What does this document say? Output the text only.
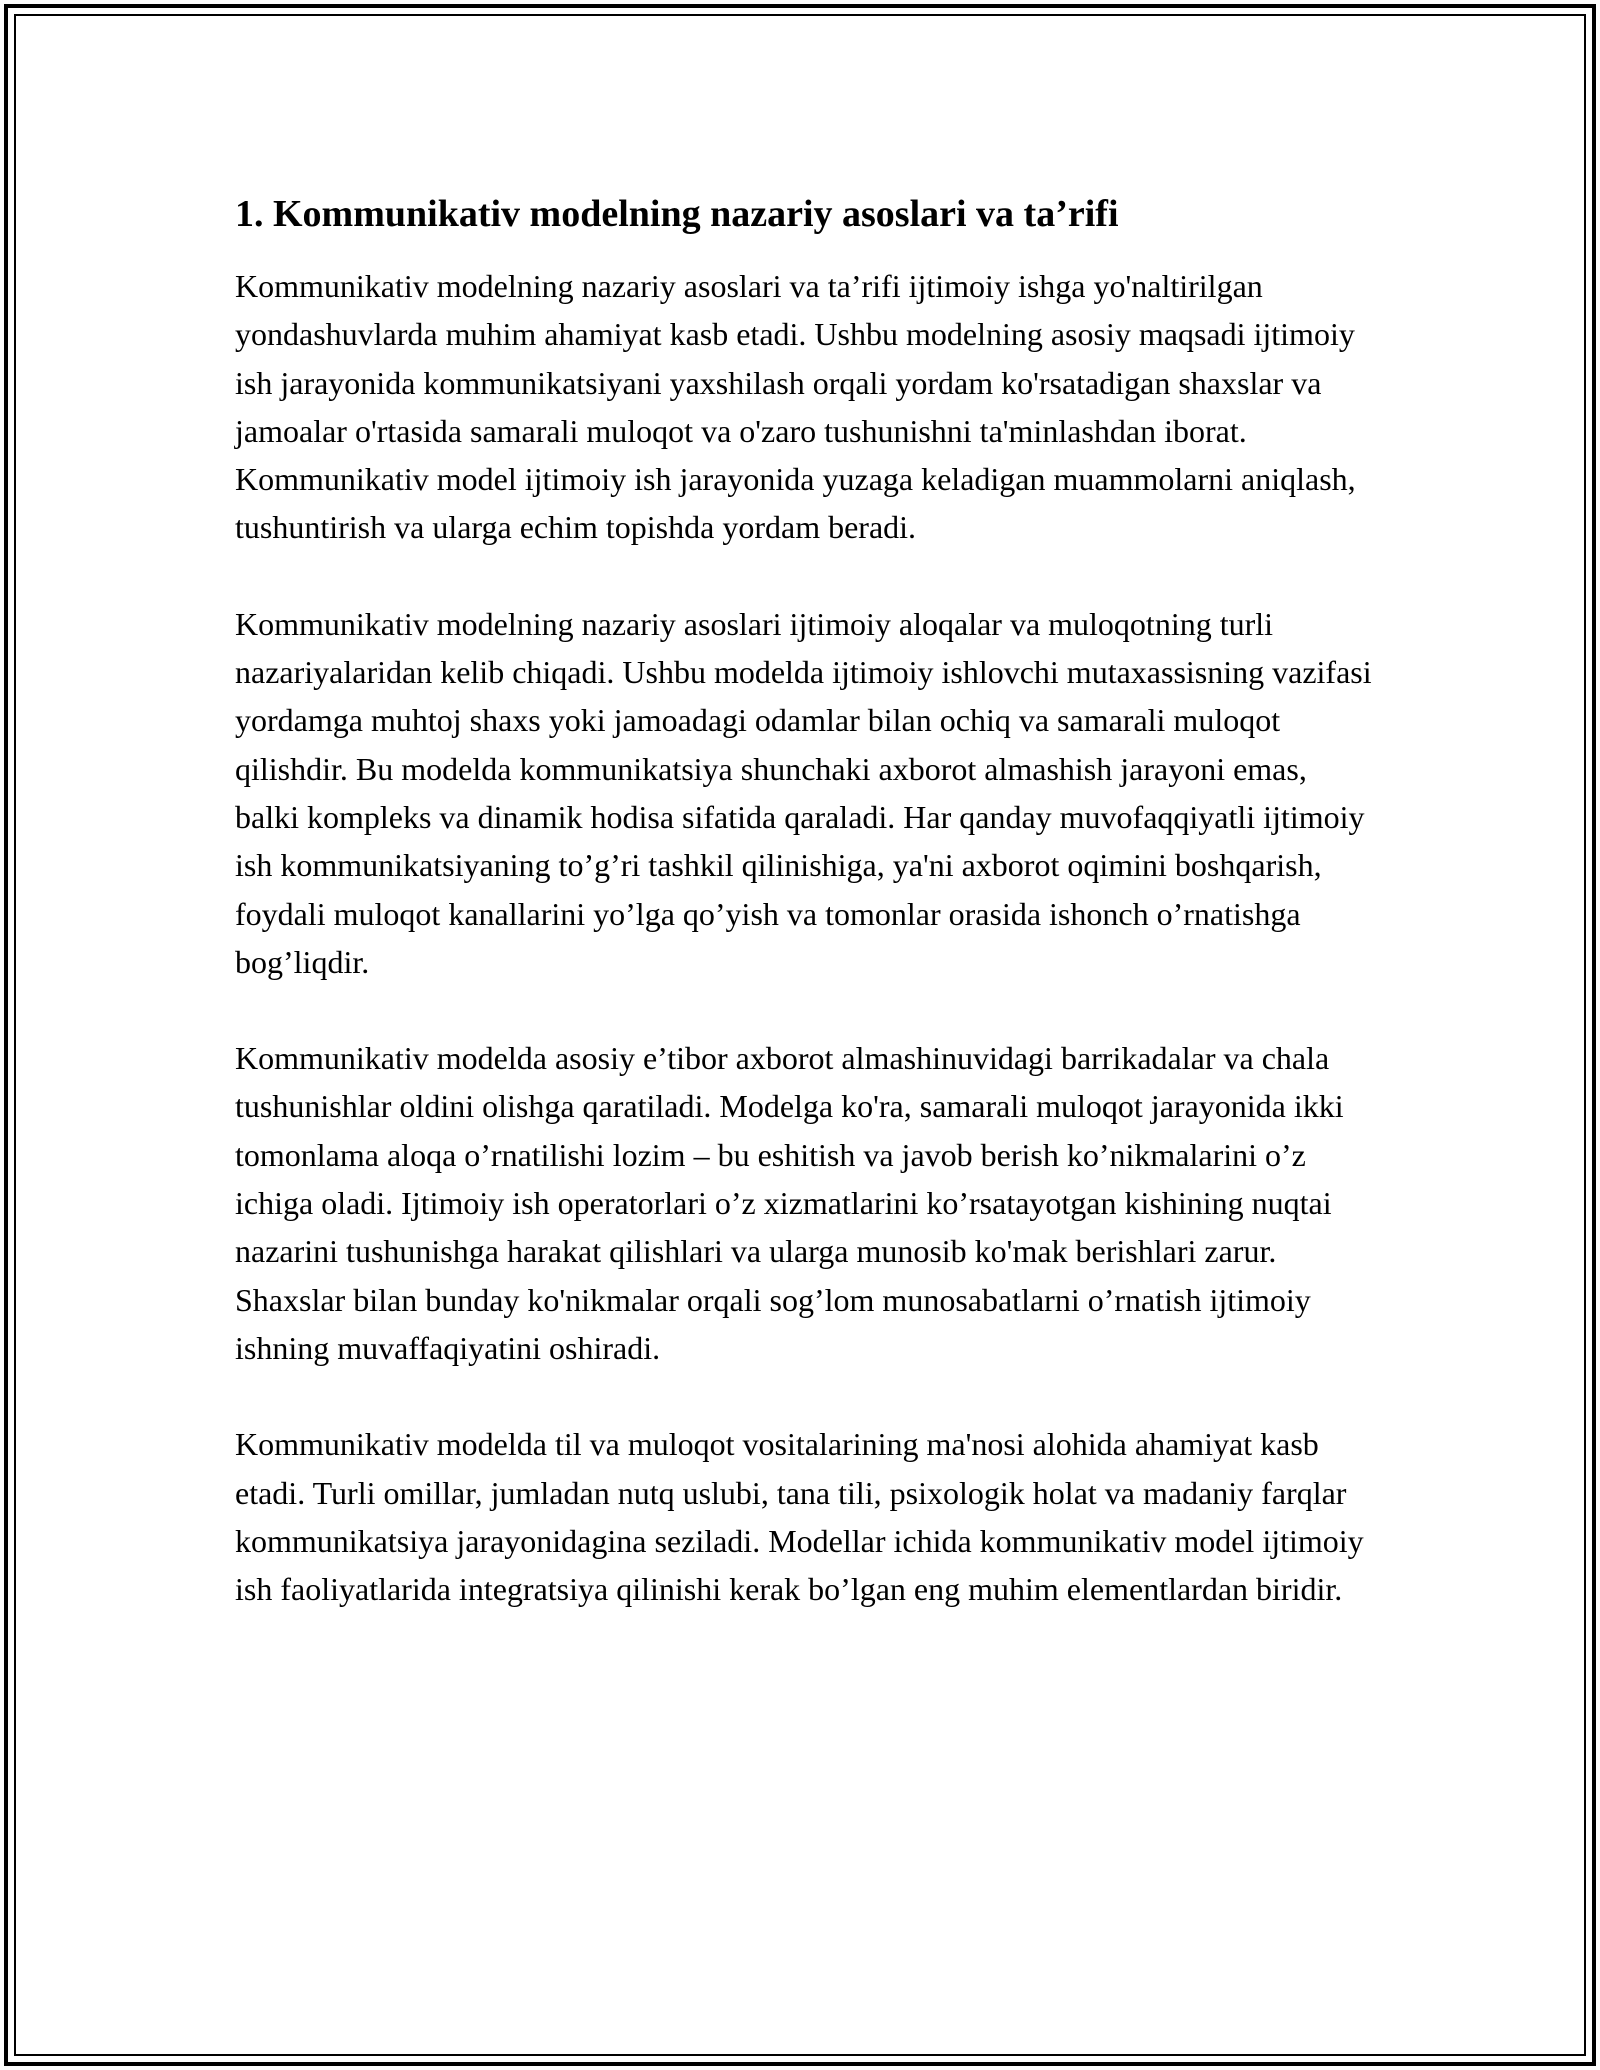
1. Kommunikativ modelning nazariy asoslari va ta’rifi

Kommunikativ modelning nazariy asoslari va ta’rifi ijtimoiy ishga yo'naltirilgan yondashuvlarda muhim ahamiyat kasb etadi. Ushbu modelning asosiy maqsadi ijtimoiy ish jarayonida kommunikatsiyani yaxshilash orqali yordam ko'rsatadigan shaxslar va jamoalar o'rtasida samarali muloqot va o'zaro tushunishni ta'minlashdan iborat. Kommunikativ model ijtimoiy ish jarayonida yuzaga keladigan muammolarni aniqlash, tushuntirish va ularga echim topishda yordam beradi.

Kommunikativ modelning nazariy asoslari ijtimoiy aloqalar va muloqotning turli nazariyalaridan kelib chiqadi. Ushbu modelda ijtimoiy ishlovchi mutaxassisning vazifasi yordamga muhtoj shaxs yoki jamoadagi odamlar bilan ochiq va samarali muloqot qilishdir. Bu modelda kommunikatsiya shunchaki axborot almashish jarayoni emas, balki kompleks va dinamik hodisa sifatida qaraladi. Har qanday muvofaqqiyatli ijtimoiy ish kommunikatsiyaning to’g’ri tashkil qilinishiga, ya'ni axborot oqimini boshqarish, foydali muloqot kanallarini yo’lga qo’yish va tomonlar orasida ishonch o’rnatishga bog’liqdir.

Kommunikativ modelda asosiy e’tibor axborot almashinuvidagi barrikadalar va chala tushunishlar oldini olishga qaratiladi. Modelga ko'ra, samarali muloqot jarayonida ikki tomonlama aloqa o’rnatilishi lozim – bu eshitish va javob berish ko’nikmalarini o’z ichiga oladi. Ijtimoiy ish operatorlari o’z xizmatlarini ko’rsatayotgan kishining nuqtai nazarini tushunishga harakat qilishlari va ularga munosib ko'mak berishlari zarur. Shaxslar bilan bunday ko'nikmalar orqali sog’lom munosabatlarni o’rnatish ijtimoiy ishning muvaffaqiyatini oshiradi.

Kommunikativ modelda til va muloqot vositalarining ma'nosi alohida ahamiyat kasb etadi. Turli omillar, jumladan nutq uslubi, tana tili, psixologik holat va madaniy farqlar kommunikatsiya jarayonidagina seziladi. Modellar ichida kommunikativ model ijtimoiy ish faoliyatlarida integratsiya qilinishi kerak bo’lgan eng muhim elementlardan biridir.
